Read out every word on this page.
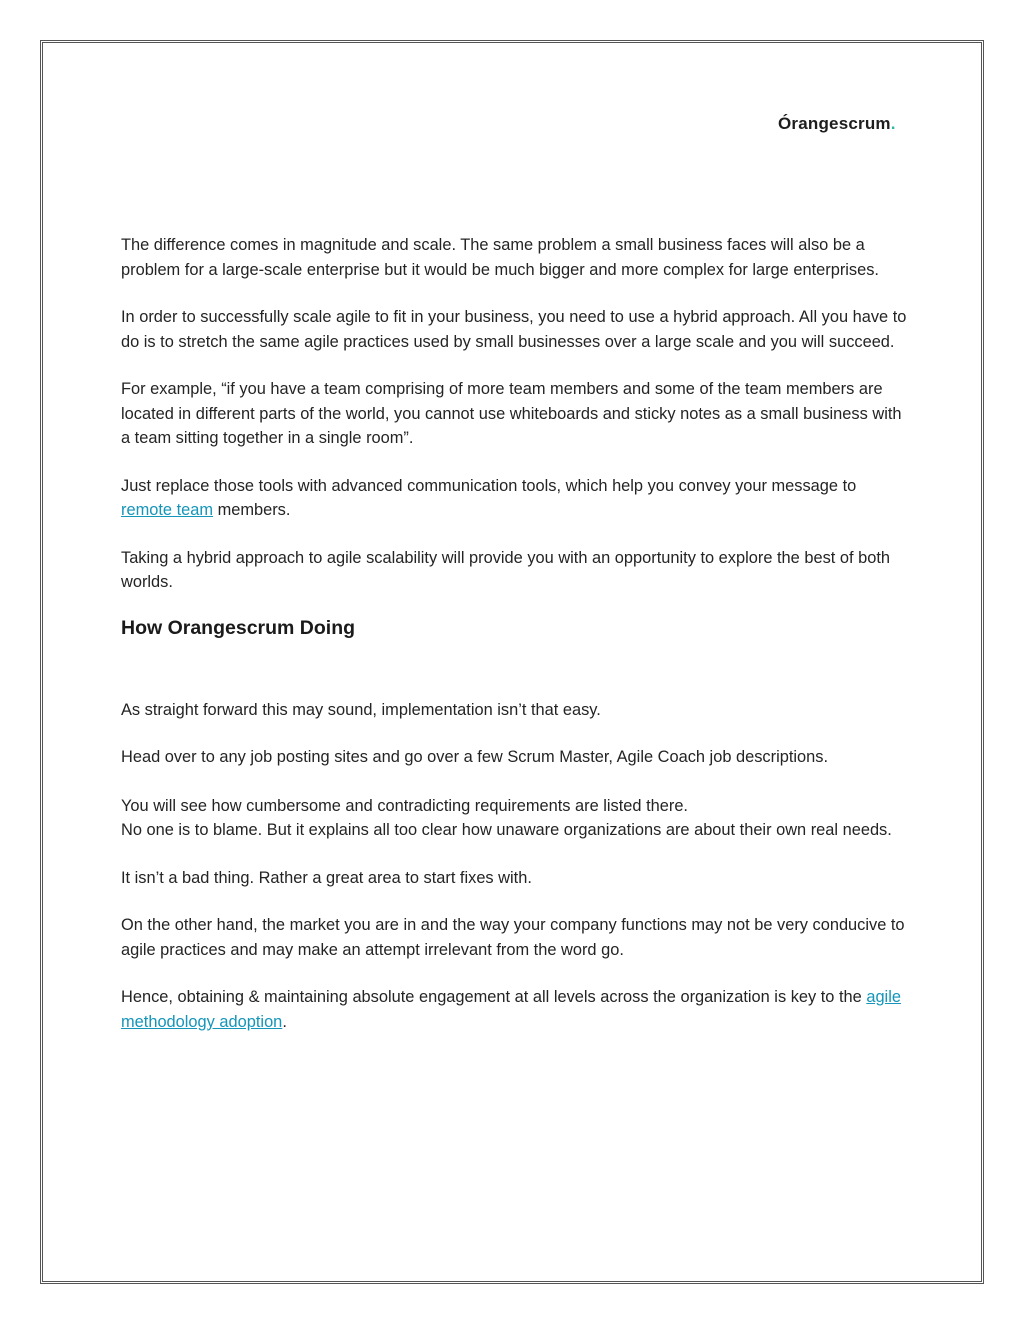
Órangescrum.

The difference comes in magnitude and scale. The same problem a small business faces will also be a problem for a large-scale enterprise but it would be much bigger and more complex for large enterprises.

In order to successfully scale agile to fit in your business, you need to use a hybrid approach. All you have to do is to stretch the same agile practices used by small businesses over a large scale and you will succeed.

For example, “if you have a team comprising of more team members and some of the team members are located in different parts of the world, you cannot use whiteboards and sticky notes as a small business with a team sitting together in a single room”.

Just replace those tools with advanced communication tools, which help you convey your message to remote team members.

Taking a hybrid approach to agile scalability will provide you with an opportunity to explore the best of both worlds.

How Orangescrum Doing

As straight forward this may sound, implementation isn’t that easy.

Head over to any job posting sites and go over a few Scrum Master, Agile Coach job descriptions.

You will see how cumbersome and contradicting requirements are listed there.
No one is to blame. But it explains all too clear how unaware organizations are about their own real needs.

It isn’t a bad thing. Rather a great area to start fixes with.

On the other hand, the market you are in and the way your company functions may not be very conducive to agile practices and may make an attempt irrelevant from the word go.

Hence, obtaining & maintaining absolute engagement at all levels across the organization is key to the agile methodology adoption.
